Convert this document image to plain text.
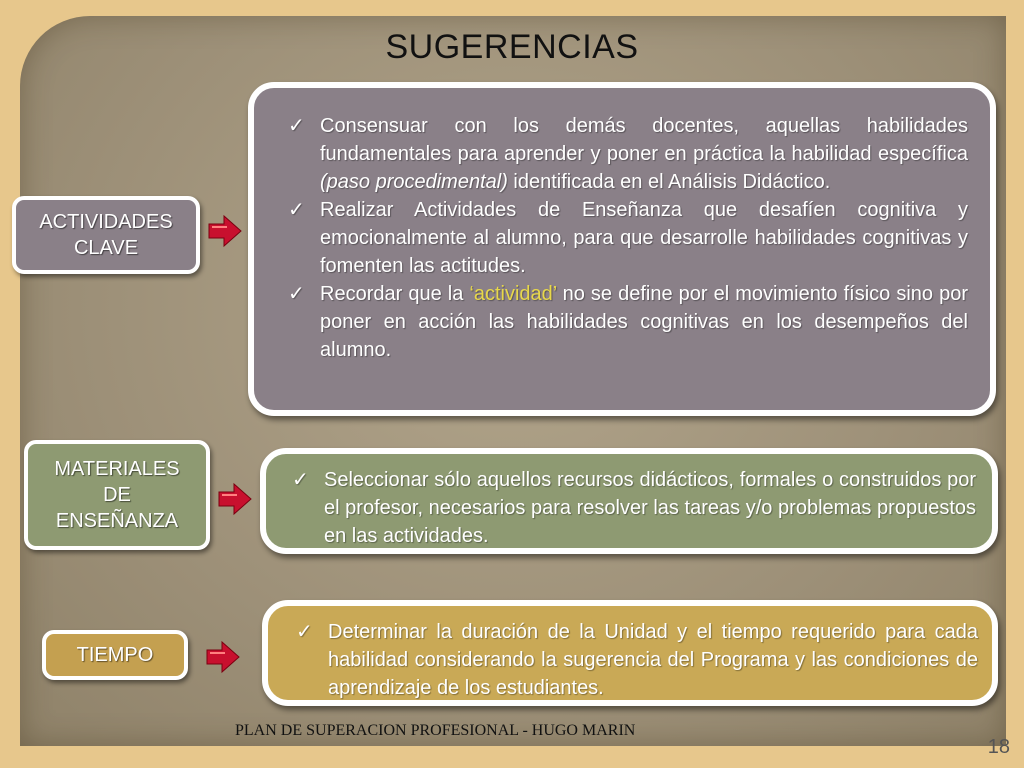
SUGERENCIAS
ACTIVIDADES
CLAVE
✓ Consensuar con los demás docentes, aquellas habilidades fundamentales para aprender y poner en práctica la habilidad específica (paso procedimental) identificada en el Análisis Didáctico.
✓ Realizar Actividades de Enseñanza que desafíen cognitiva y emocionalmente al alumno, para que desarrolle habilidades cognitivas y fomenten las actitudes.
✓ Recordar que la ‘actividad’ no se define por el movimiento físico sino por poner en acción las habilidades cognitivas en los desempeños del alumno.
MATERIALES
DE
ENSEÑANZA
✓ Seleccionar sólo aquellos recursos didácticos, formales o construidos por el profesor, necesarios para resolver las tareas y/o problemas propuestos en las actividades.
TIEMPO
✓ Determinar la duración de la Unidad y el tiempo requerido para cada habilidad considerando la sugerencia del Programa y las condiciones de aprendizaje de los estudiantes.
PLAN DE SUPERACION PROFESIONAL - HUGO MARIN
18
